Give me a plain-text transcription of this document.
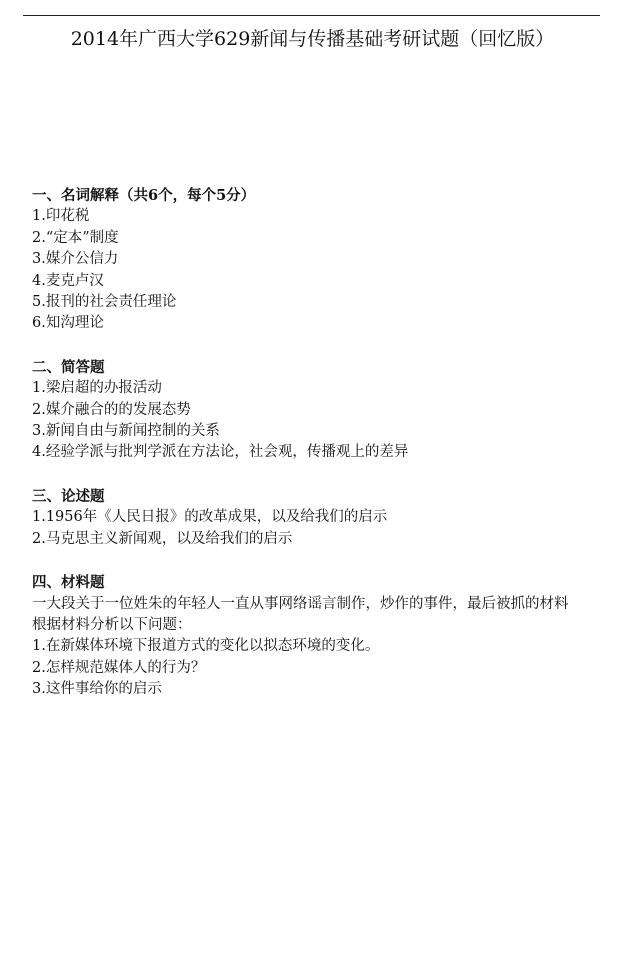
2014年广西大学629新闻与传播基础考研试题（回忆版）
一、名词解释（共6个，每个5分）
1.印花税
2.“定本”制度
3.媒介公信力
4.麦克卢汉
5.报刊的社会责任理论
6.知沟理论
二、简答题
1.梁启超的办报活动
2.媒介融合的的发展态势
3.新闻自由与新闻控制的关系
4.经验学派与批判学派在方法论，社会观，传播观上的差异
三、论述题
1.1956年《人民日报》的改革成果，以及给我们的启示
2.马克思主义新闻观，以及给我们的启示
四、材料题
一大段关于一位姓朱的年轻人一直从事网络谣言制作，炒作的事件，最后被抓的材料
根据材料分析以下问题：
1.在新媒体环境下报道方式的变化以拟态环境的变化。
2.怎样规范媒体人的行为？
3.这件事给你的启示
